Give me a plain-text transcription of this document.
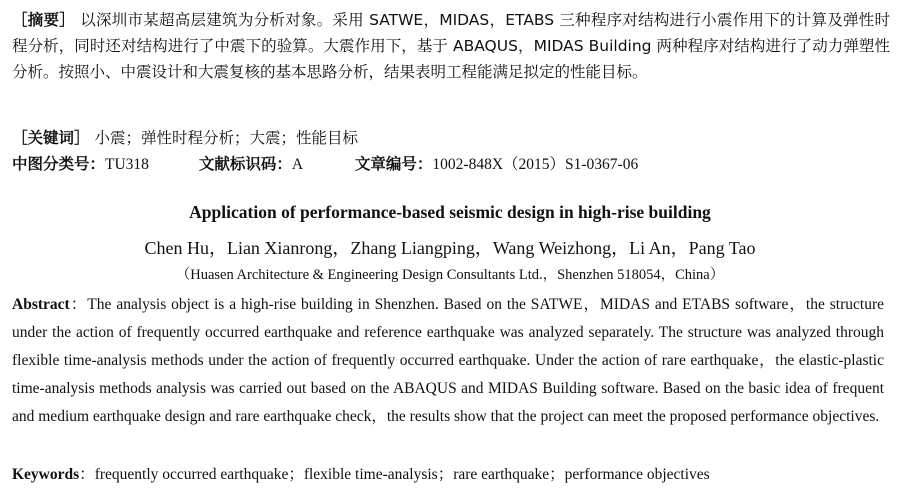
［摘要］ 以深圳市某超高层建筑为分析对象。采用 SATWE，MIDAS，ETABS 三种程序对结构进行小震作用下的计算及弹性时程分析，同时还对结构进行了中震下的验算。大震作用下，基于 ABAQUS，MIDAS Building 两种程序对结构进行了动力弹塑性分析。按照小、中震设计和大震复核的基本思路分析，结果表明工程能满足拟定的性能目标。
［关键词］ 小震；弹性时程分析；大震；性能目标
中图分类号：TU318	文献标识码：A	文章编号：1002-848X（2015）S1-0367-06
Application of performance-based seismic design in high-rise building
Chen Hu，Lian Xianrong，Zhang Liangping，Wang Weizhong，Li An，Pang Tao
（Huasen Architecture & Engineering Design Consultants Ltd.，Shenzhen 518054，China）
Abstract：The analysis object is a high-rise building in Shenzhen. Based on the SATWE，MIDAS and ETABS software，the structure under the action of frequently occurred earthquake and reference earthquake was analyzed separately. The structure was analyzed through flexible time-analysis methods under the action of frequently occurred earthquake. Under the action of rare earthquake，the elastic-plastic time-analysis methods analysis was carried out based on the ABAQUS and MIDAS Building software. Based on the basic idea of frequent and medium earthquake design and rare earthquake check，the results show that the project can meet the proposed performance objectives.
Keywords：frequently occurred earthquake；flexible time-analysis；rare earthquake；performance objectives
